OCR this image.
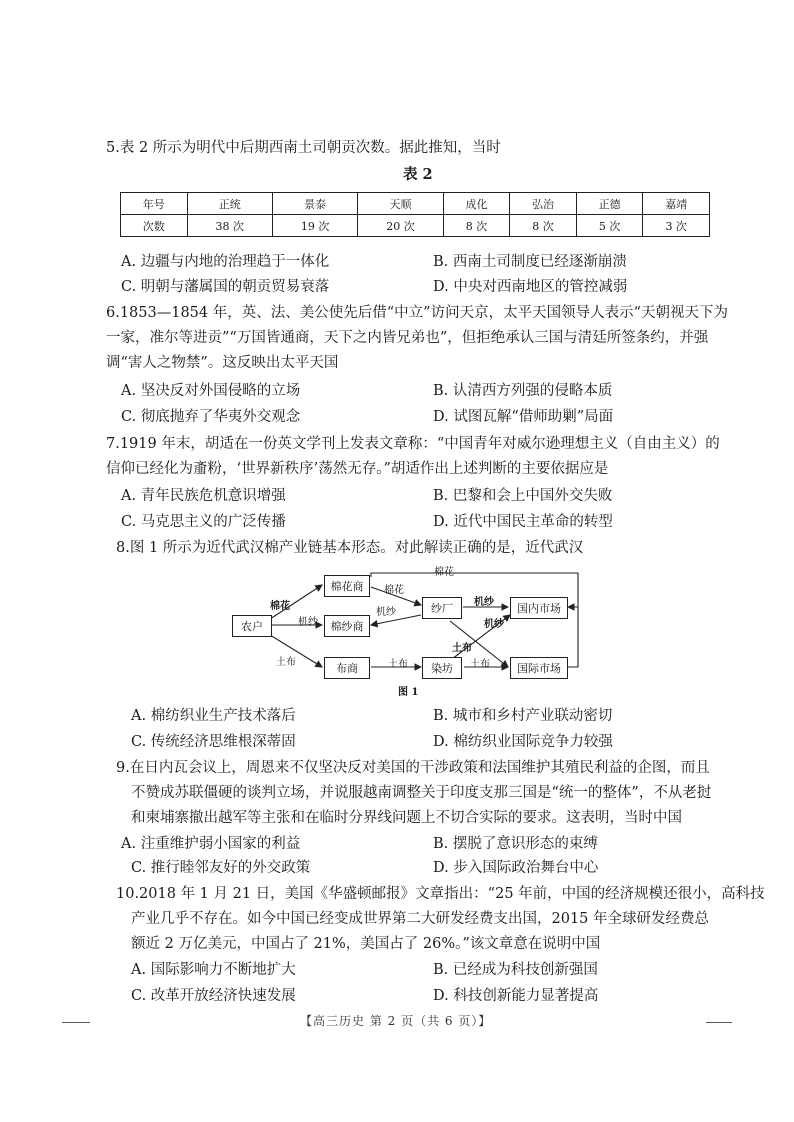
5.表 2 所示为明代中后期西南土司朝贡次数。据此推知，当时
表 2
年号	正统	景泰	天顺	成化	弘治	正德	嘉靖
次数	38 次	19 次	20 次	8 次	8 次	5 次	3 次
A. 边疆与内地的治理趋于一体化	B. 西南土司制度已经逐渐崩溃
C. 明朝与藩属国的朝贡贸易衰落	D. 中央对西南地区的管控减弱
6.1853—1854 年，英、法、美公使先后借“中立”访问天京，太平天国领导人表示“天朝视天下为
一家，准尔等进贡”“万国皆通商，天下之内皆兄弟也”，但拒绝承认三国与清廷所签条约，并强
调“害人之物禁”。这反映出太平天国
A. 坚决反对外国侵略的立场	B. 认清西方列强的侵略本质
C. 彻底抛弃了华夷外交观念	D. 试图瓦解“借师助剿”局面
7.1919 年末，胡适在一份英文学刊上发表文章称：“中国青年对威尔逊理想主义（自由主义）的
信仰已经化为齑粉，‘世界新秩序’荡然无存。”胡适作出上述判断的主要依据应是
A. 青年民族危机意识增强	B. 巴黎和会上中国外交失败
C. 马克思主义的广泛传播	D. 近代中国民主革命的转型
8.图 1 所示为近代武汉棉产业链基本形态。对此解读正确的是，近代武汉
农户
棉花商
棉纱商
布商
纱厂
染坊
国内市场
国际市场
棉花
机纱
土布
棉花
机纱
棉花
机纱
机纱
土布
土布	土布
图 1
A. 棉纺织业生产技术落后	B. 城市和乡村产业联动密切
C. 传统经济思维根深蒂固	D. 棉纺织业国际竞争力较强
9.在日内瓦会议上，周恩来不仅坚决反对美国的干涉政策和法国维护其殖民利益的企图，而且
不赞成苏联僵硬的谈判立场，并说服越南调整关于印度支那三国是“统一的整体”，不从老挝
和柬埔寨撤出越军等主张和在临时分界线问题上不切合实际的要求。这表明，当时中国
A. 注重维护弱小国家的利益	B. 摆脱了意识形态的束缚
C. 推行睦邻友好的外交政策	D. 步入国际政治舞台中心
10.2018 年 1 月 21 日，美国《华盛顿邮报》文章指出：“25 年前，中国的经济规模还很小，高科技
产业几乎不存在。如今中国已经变成世界第二大研发经费支出国，2015 年全球研发经费总
额近 2 万亿美元，中国占了 21%，美国占了 26%。”该文章意在说明中国
A. 国际影响力不断地扩大	B. 已经成为科技创新强国
C. 改革开放经济快速发展	D. 科技创新能力显著提高
【高三历史 第 2 页（共 6 页）】
